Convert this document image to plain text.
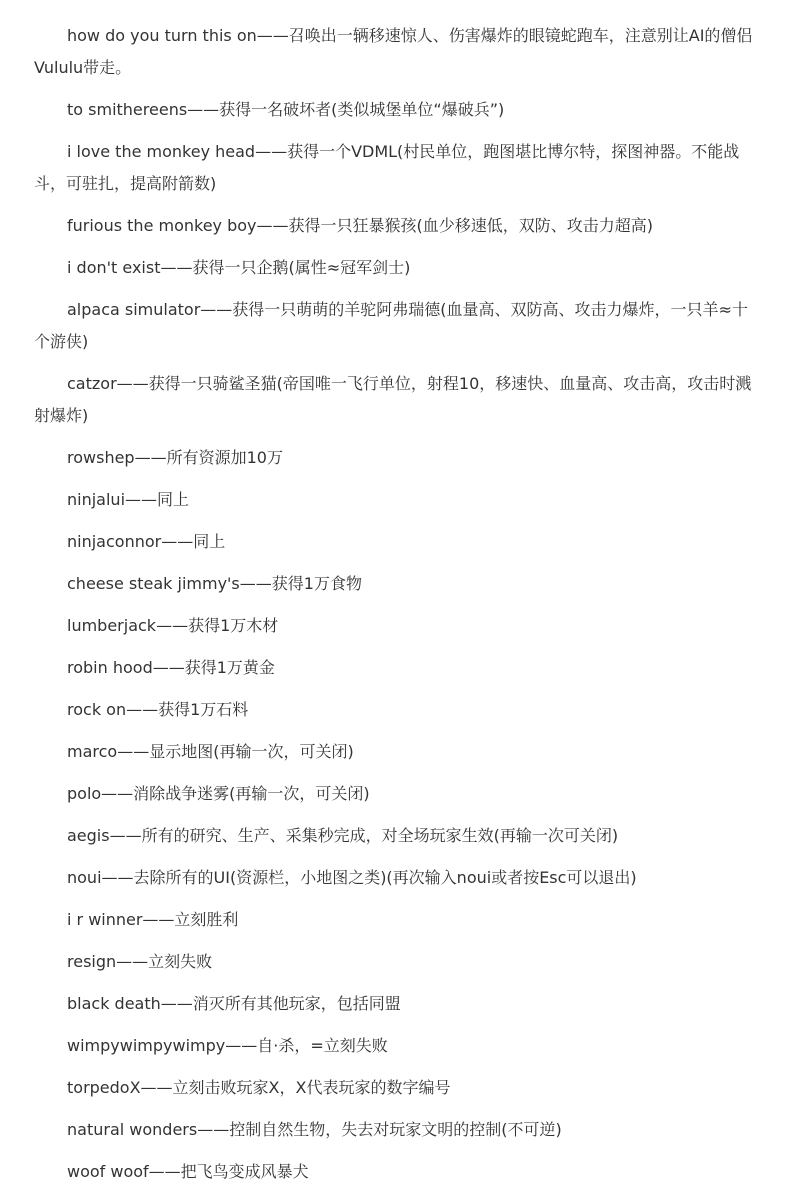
how do you turn this on——召唤出一辆移速惊人、伤害爆炸的眼镜蛇跑车，注意别让AI的僧侣Vululu带走。

to smithereens——获得一名破坏者(类似城堡单位“爆破兵”)

i love the monkey head——获得一个VDML(村民单位，跑图堪比博尔特，探图神器。不能战斗，可驻扎，提高附箭数)

furious the monkey boy——获得一只狂暴猴孩(血少移速低，双防、攻击力超高)

i don't exist——获得一只企鹅(属性≈冠军剑士)

alpaca simulator——获得一只萌萌的羊驼阿弗瑞德(血量高、双防高、攻击力爆炸，一只羊≈十个游侠)

catzor——获得一只骑鲨圣猫(帝国唯一飞行单位，射程10，移速快、血量高、攻击高，攻击时溅射爆炸)

rowshep——所有资源加10万

ninjalui——同上

ninjaconnor——同上

cheese steak jimmy's——获得1万食物

lumberjack——获得1万木材

robin hood——获得1万黄金

rock on——获得1万石料

marco——显示地图(再输一次，可关闭)

polo——消除战争迷雾(再输一次，可关闭)

aegis——所有的研究、生产、采集秒完成，对全场玩家生效(再输一次可关闭)

noui——去除所有的UI(资源栏，小地图之类)(再次输入noui或者按Esc可以退出)

i r winner——立刻胜利

resign——立刻失败

black death——消灭所有其他玩家，包括同盟

wimpywimpywimpy——自·杀，=立刻失败

torpedoX——立刻击败玩家X，X代表玩家的数字编号

natural wonders——控制自然生物，失去对玩家文明的控制(不可逆)

woof woof——把飞鸟变成风暴犬
